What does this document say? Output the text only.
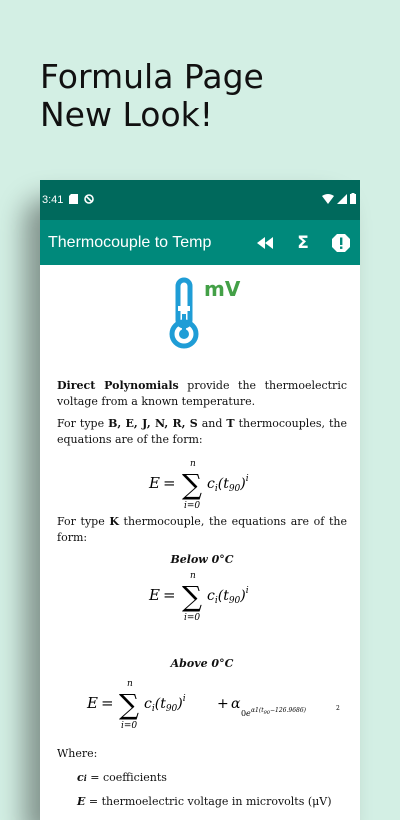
Formula Page
New Look!
3:41
Thermocouple to Temp	Σ
mV

Direct Polynomials provide the thermoelectric voltage from a known temperature.

For type B, E, J, N, R, S and T thermocouples, the equations are of the form:

E = ∑
n
i=0
$c_i(t_{90})^i$

For type K thermocouple, the equations are of the form:

Below 0°C
E = ∑
n
i=0
$c_i(t_{90})^i$
Above 0°C
E = ∑
n
i=0
$c_i(t_{90})^i + \alpha$
0 e $\alpha 1(t_{90}-126.9686)$	2

Where:

ci = coefficients

E = thermoelectric voltage in microvolts (μV)
